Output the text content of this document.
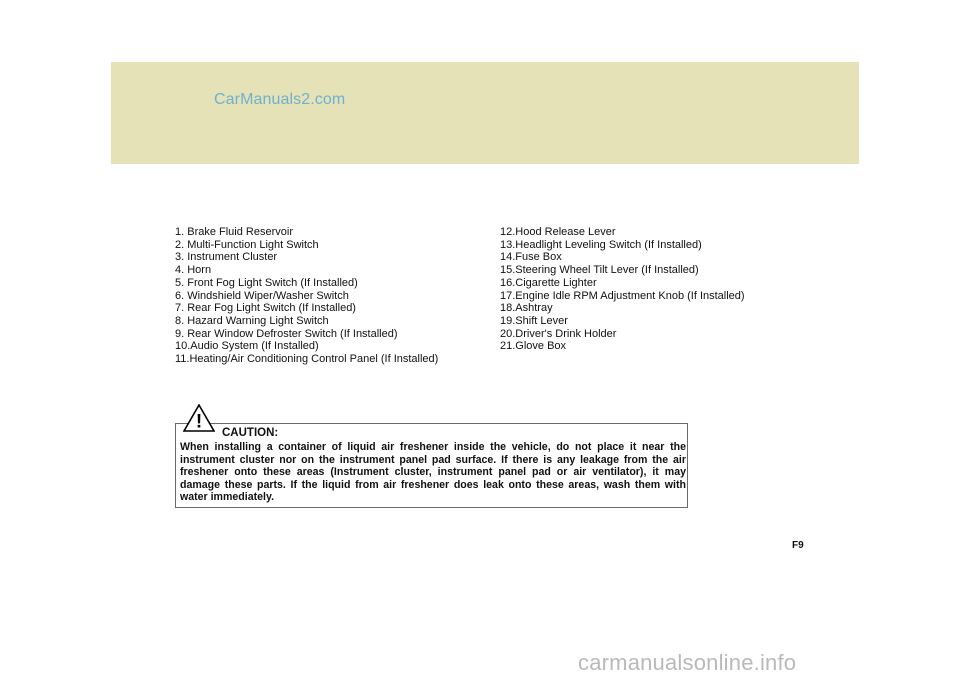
CarManuals2.com
1. Brake Fluid Reservoir
2. Multi-Function Light Switch
3. Instrument Cluster
4. Horn
5. Front Fog Light Switch (If Installed)
6. Windshield Wiper/Washer Switch
7. Rear Fog Light Switch (If Installed)
8. Hazard Warning Light Switch
9. Rear Window Defroster Switch (If Installed)
10.Audio System (If Installed)
11.Heating/Air Conditioning Control Panel (If Installed)
12.Hood Release Lever
13.Headlight Leveling Switch (If Installed)
14.Fuse Box
15.Steering Wheel Tilt Lever (If Installed)
16.Cigarette Lighter
17.Engine Idle RPM Adjustment Knob (If Installed)
18.Ashtray
19.Shift Lever
20.Driver's Drink Holder
21.Glove Box
!
CAUTION:

When installing a container of liquid air freshener inside the vehicle, do not place it near the instrument cluster nor on the instrument panel pad surface. If there is any leakage from the air freshener onto these areas (Instrument cluster, instrument panel pad or air ventilator), it may damage these parts. If the liquid from air freshener does leak onto these areas, wash them with water immediately.

F9
carmanualsonline.info
